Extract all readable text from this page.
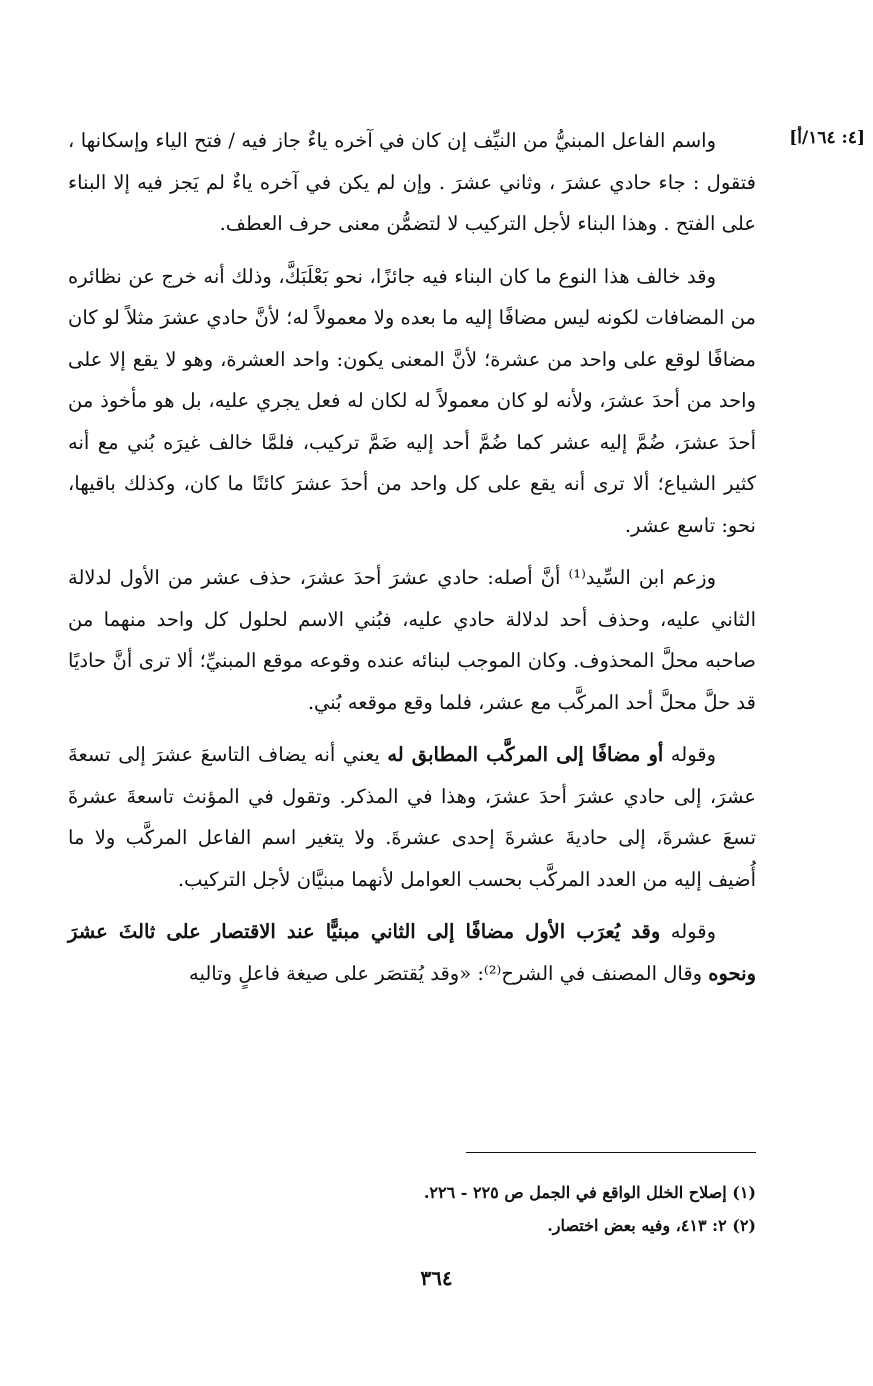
[٤: ١٦٤/أ]

واسم الفاعل المبنيُّ من النيِّف إن كان في آخره ياءٌ جاز فيه / فتح الياء وإسكانها ، فتقول : جاء حادي عشرَ ، وثاني عشرَ . وإن لم يكن في آخره ياءٌ لم يَجز فيه إلا البناء على الفتح . وهذا البناء لأجل التركيب لا لتضمُّن معنى حرف العطف.

وقد خالف هذا النوع ما كان البناء فيه جائزًا، نحو بَعْلَبَكَّ، وذلك أنه خرج عن نظائره من المضافات لكونه ليس مضافًا إليه ما بعده ولا معمولاً له؛ لأنَّ حادي عشرَ مثلاً لو كان مضافًا لوقع على واحد من عشرة؛ لأنَّ المعنى يكون: واحد العشرة، وهو لا يقع إلا على واحد من أحدَ عشرَ، ولأنه لو كان معمولاً له لكان له فعل يجري عليه، بل هو مأخوذ من أحدَ عشرَ، ضُمَّ إليه عشر كما ضُمَّ أحد إليه ضَمَّ تركيب، فلمَّا خالف غيرَه بُني مع أنه كثير الشياع؛ ألا ترى أنه يقع على كل واحد من أحدَ عشرَ كائنًا ما كان، وكذلك باقيها، نحو: تاسع عشر.

وزعم ابن السِّيد⁽¹⁾ أنَّ أصله: حادي عشرَ أحدَ عشرَ، حذف عشر من الأول لدلالة الثاني عليه، وحذف أحد لدلالة حادي عليه، فبُني الاسم لحلول كل واحد منهما من صاحبه محلَّ المحذوف. وكان الموجب لبنائه عنده وقوعه موقع المبنيِّ؛ ألا ترى أنَّ حاديًا قد حلَّ محلَّ أحد المركَّب مع عشر، فلما وقع موقعه بُني.

وقوله أو مضافًا إلى المركَّب المطابق له يعني أنه يضاف التاسعَ عشرَ إلى تسعةَ عشرَ، إلى حادي عشرَ أحدَ عشرَ، وهذا في المذكر. وتقول في المؤنث تاسعةَ عشرةَ تسعَ عشرةَ، إلى حاديةَ عشرةَ إحدى عشرةَ. ولا يتغير اسم الفاعل المركَّب ولا ما أُضيف إليه من العدد المركَّب بحسب العوامل لأنهما مبنيَّان لأجل التركيب.

وقوله وقد يُعرَب الأول مضافًا إلى الثاني مبنيًّا عند الاقتصار على ثالثَ عشرَ ونحوه وقال المصنف في الشرح⁽²⁾: «وقد يُقتصَر على صيغة فاعلٍ وتاليه

(١) إصلاح الخلل الواقع في الجمل ص ٢٢٥ - ٢٢٦.

(٢) ٢: ٤١٣، وفيه بعض اختصار.

٣٦٤
